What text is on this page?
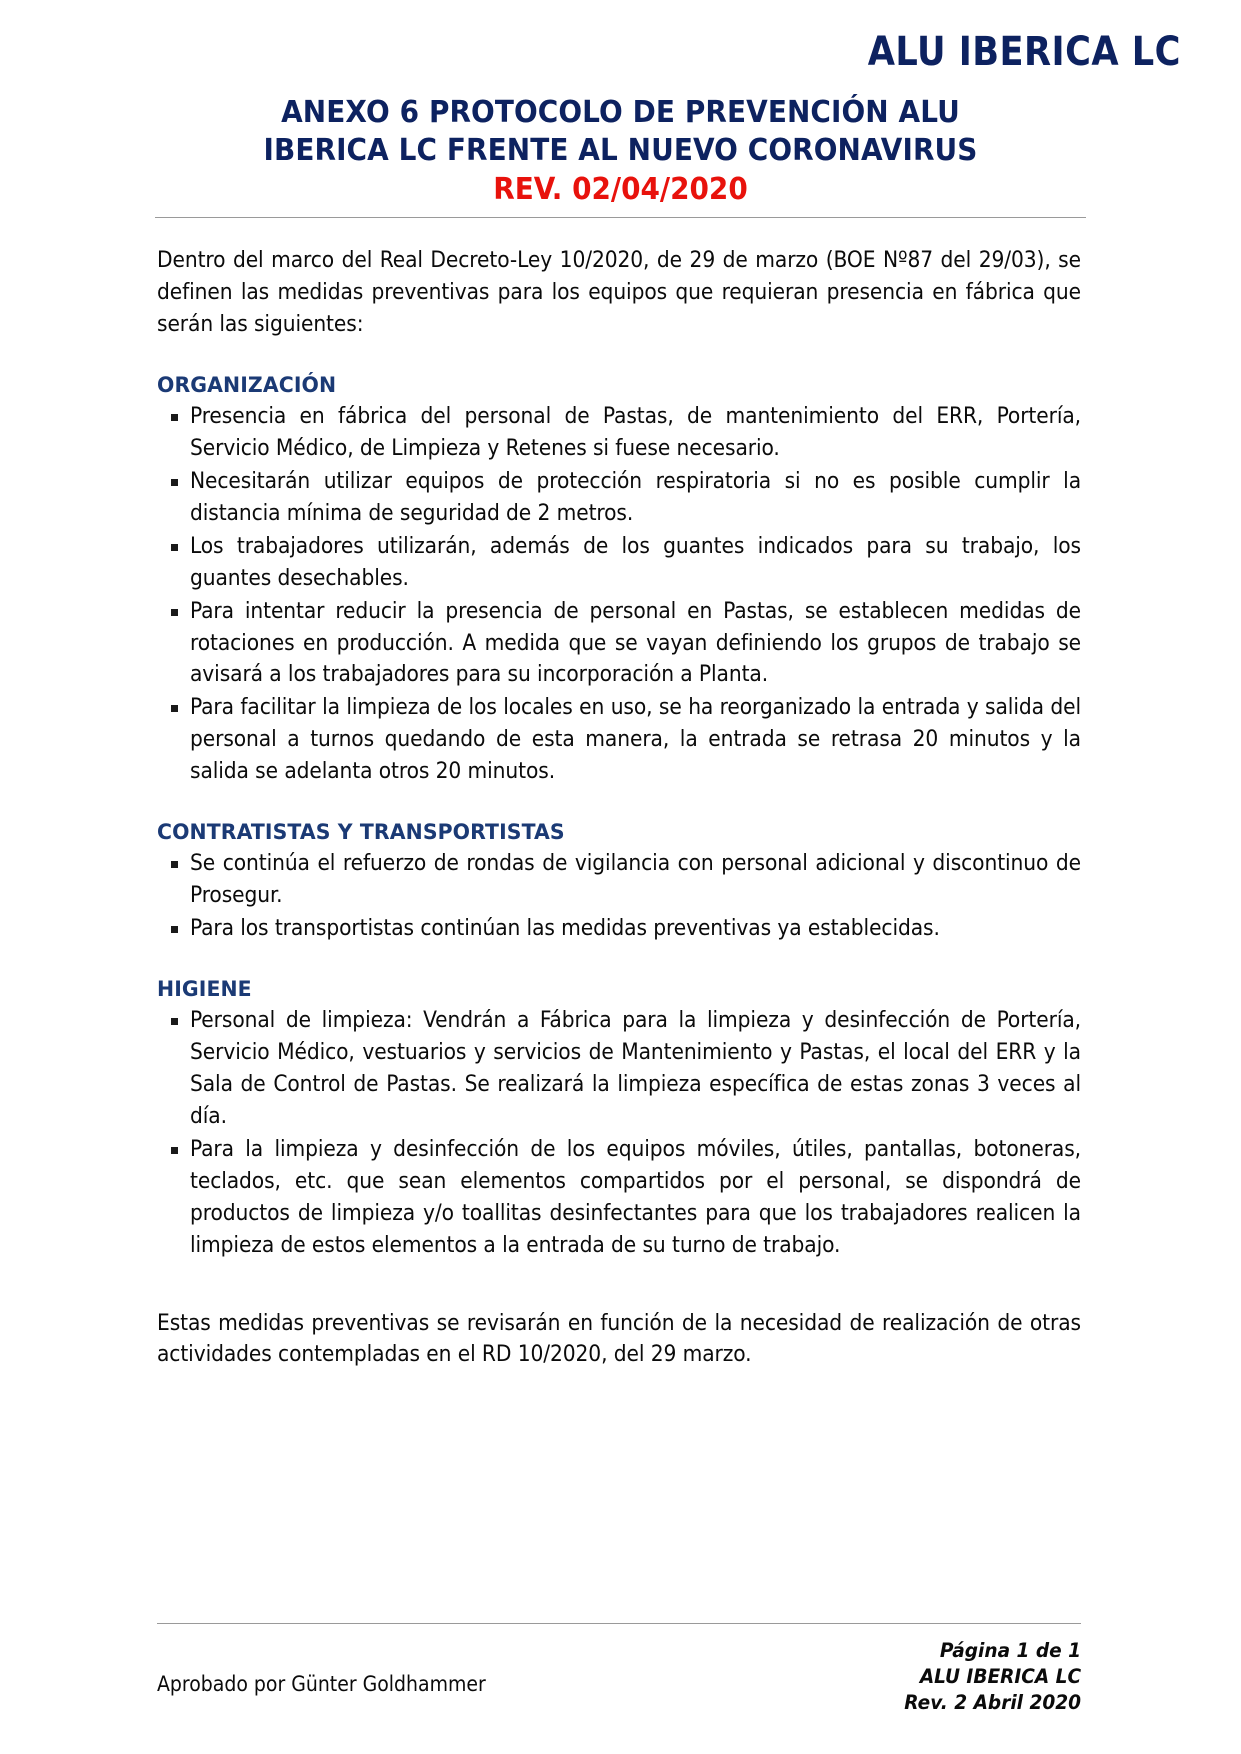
ALU IBERICA LC
ANEXO 6 PROTOCOLO DE PREVENCIÓN ALU
IBERICA LC FRENTE AL NUEVO CORONAVIRUS
REV. 02/04/2020

Dentro del marco del Real Decreto-Ley 10/2020, de 29 de marzo (BOE Nº87 del 29/03), se definen las medidas preventivas para los equipos que requieran presencia en fábrica que serán las siguientes:

ORGANIZACIÓN
Presencia en fábrica del personal de Pastas, de mantenimiento del ERR, Portería, Servicio Médico, de Limpieza y Retenes si fuese necesario.
Necesitarán utilizar equipos de protección respiratoria si no es posible cumplir la distancia mínima de seguridad de 2 metros.
Los trabajadores utilizarán, además de los guantes indicados para su trabajo, los guantes desechables.
Para intentar reducir la presencia de personal en Pastas, se establecen medidas de rotaciones en producción. A medida que se vayan definiendo los grupos de trabajo se avisará a los trabajadores para su incorporación a Planta.
Para facilitar la limpieza de los locales en uso, se ha reorganizado la entrada y salida del personal a turnos quedando de esta manera, la entrada se retrasa 20 minutos y la salida se adelanta otros 20 minutos.
CONTRATISTAS Y TRANSPORTISTAS
Se continúa el refuerzo de rondas de vigilancia con personal adicional y discontinuo de Prosegur.
Para los transportistas continúan las medidas preventivas ya establecidas.
HIGIENE
Personal de limpieza: Vendrán a Fábrica para la limpieza y desinfección de Portería, Servicio Médico, vestuarios y servicios de Mantenimiento y Pastas, el local del ERR y la Sala de Control de Pastas. Se realizará la limpieza específica de estas zonas 3 veces al día.
Para la limpieza y desinfección de los equipos móviles, útiles, pantallas, botoneras, teclados, etc. que sean elementos compartidos por el personal, se dispondrá de productos de limpieza y/o toallitas desinfectantes para que los trabajadores realicen la limpieza de estos elementos a la entrada de su turno de trabajo.

Estas medidas preventivas se revisarán en función de la necesidad de realización de otras actividades contempladas en el RD 10/2020, del 29 marzo.

Aprobado por Günter Goldhammer
Página 1 de 1
ALU IBERICA LC
Rev. 2 Abril 2020
